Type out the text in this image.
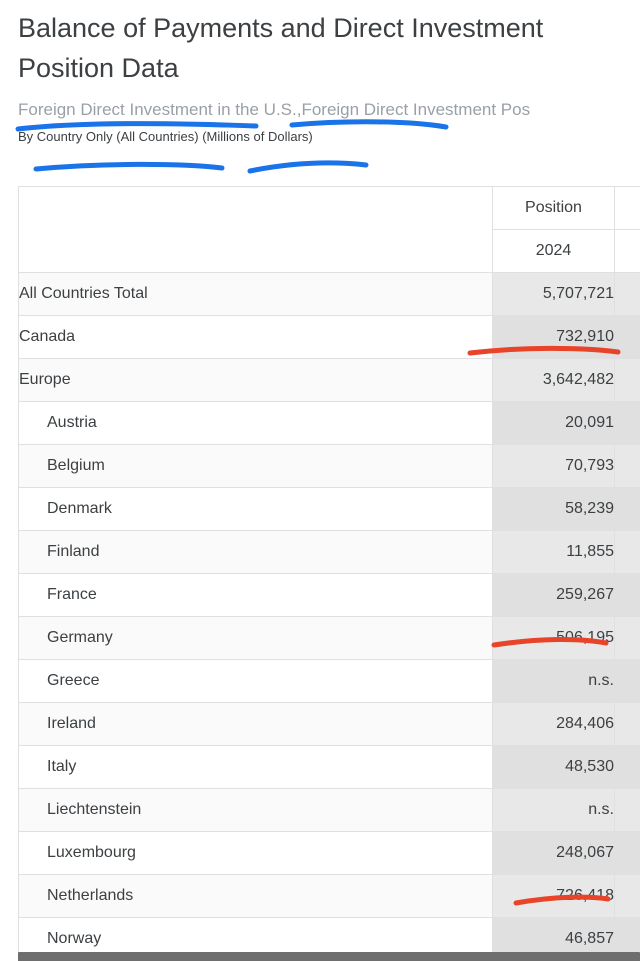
Balance of Payments and Direct Investment Position Data
Foreign Direct Investment in the U.S.,Foreign Direct Investment Pos
By Country Only (All Countries) (Millions of Dollars)
	Position	
	2024	
All Countries Total	5,707,721	
Canada	732,910	
Europe	3,642,482	
Austria	20,091	
Belgium	70,793	
Denmark	58,239	
Finland	11,855	
France	259,267	
Germany	506,195	
Greece	n.s.	
Ireland	284,406	
Italy	48,530	
Liechtenstein	n.s.	
Luxembourg	248,067	
Netherlands	726,418	
Norway	46,857	
